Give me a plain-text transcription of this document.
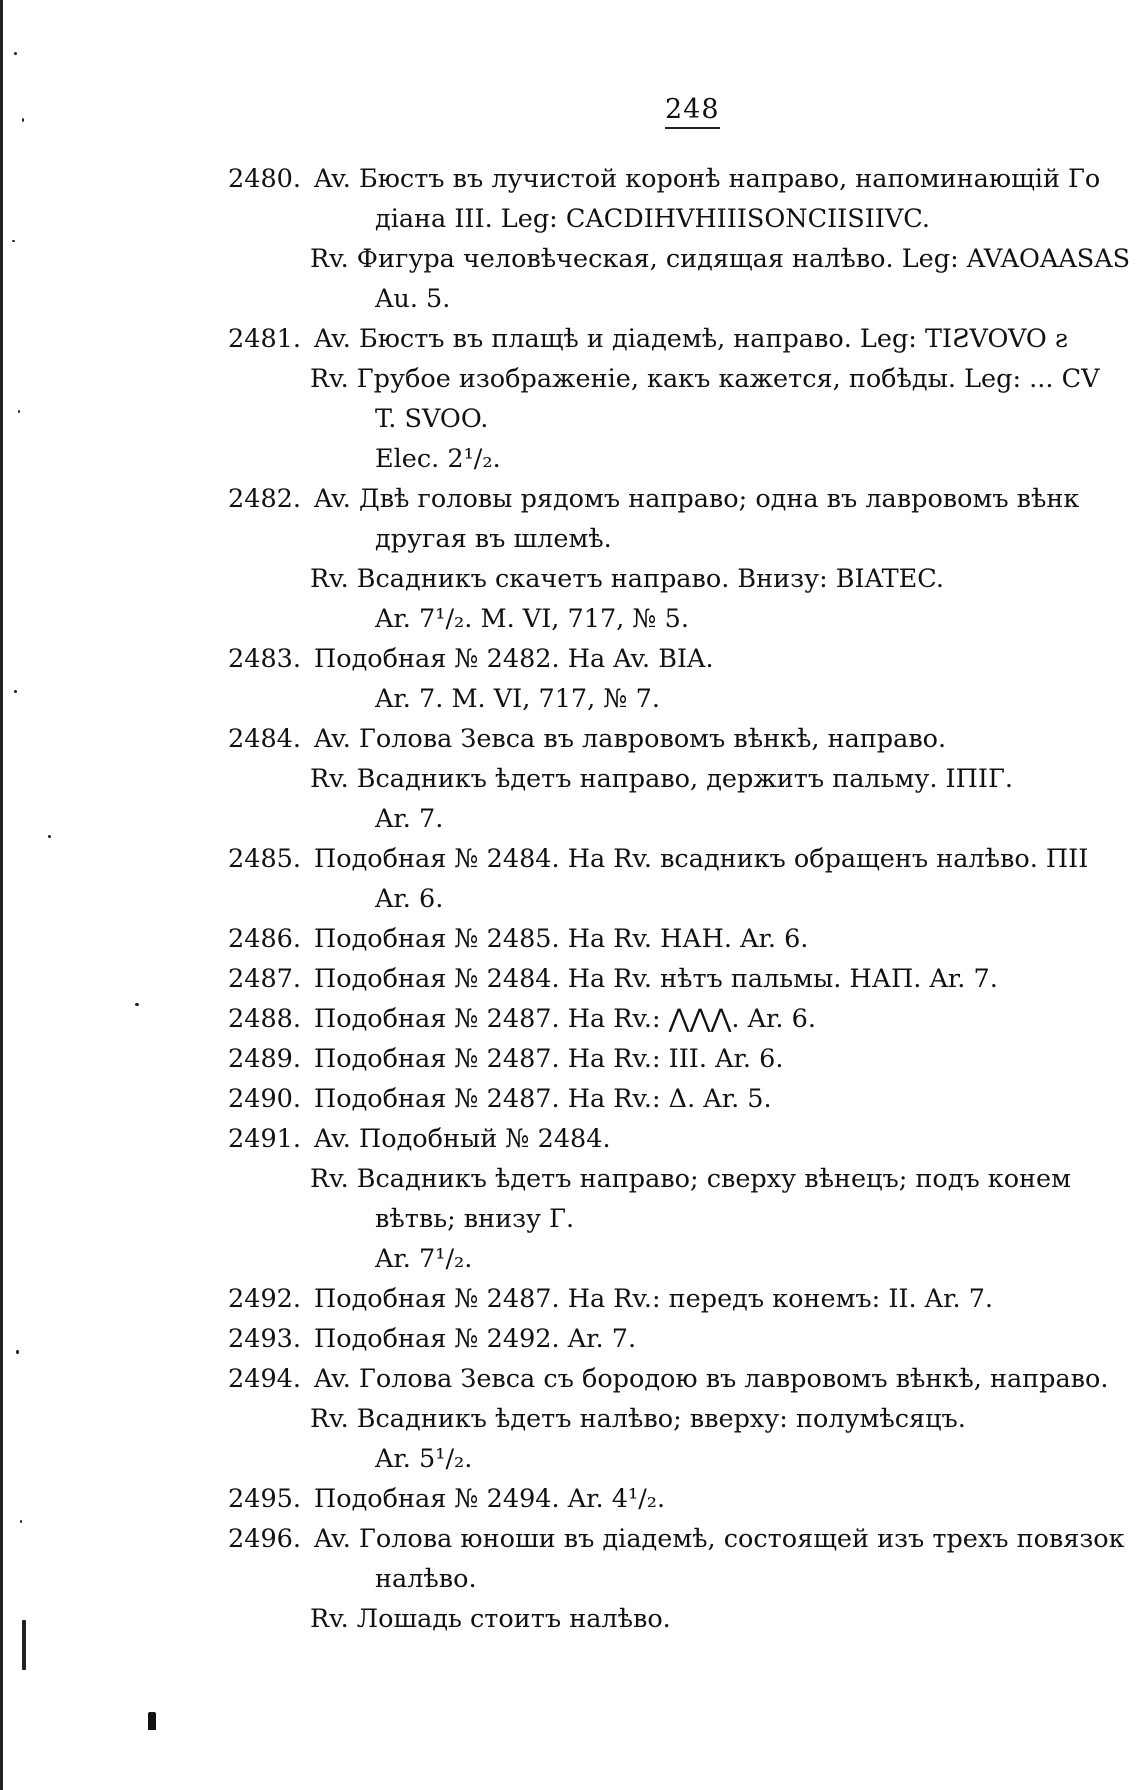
248
2480. Av. Бюстъ въ лучистой коронѣ направо, напоминающій Го
діана III. Leg: CACDIHVHIIISONCIISIIVC.
Rv. Фигура человѣческая, сидящая налѣво. Leg: AVAOAASAS
Au. 5.
2481. Av. Бюстъ въ плащѣ и діадемѣ, направо. Leg: TIƧVOVO ƨ
Rv. Грубое изображеніе, какъ кажется, побѣды. Leg: ... CV
T. SVOO.
Elec. 2¹/₂.
2482. Av. Двѣ головы рядомъ направо; одна въ лавровомъ вѣнк
другая въ шлемѣ.
Rv. Всадникъ скачетъ направо. Внизу: BIATEC.
Ar. 7¹/₂. M. VI, 717, № 5.
2483. Подобная № 2482. На Av. BIA.
Ar. 7. M. VI, 717, № 7.
2484. Av. Голова Зевса въ лавровомъ вѣнкѣ, направо.
Rv. Всадникъ ѣдетъ направо, держитъ пальму. IПIГ.
Ar. 7.
2485. Подобная № 2484. На Rv. всадникъ обращенъ налѣво. ПII
Ar. 6.
2486. Подобная № 2485. На Rv. НАН. Ar. 6.
2487. Подобная № 2484. На Rv. нѣтъ пальмы. НАП. Ar. 7.
2488. Подобная № 2487. На Rv.: ⋀⋀⋀. Ar. 6.
2489. Подобная № 2487. На Rv.: III. Ar. 6.
2490. Подобная № 2487. На Rv.: Δ. Ar. 5.
2491. Av. Подобный № 2484.
Rv. Всадникъ ѣдетъ направо; сверху вѣнецъ; подъ конем
вѣтвь; внизу Г.
Ar. 7¹/₂.
2492. Подобная № 2487. На Rv.: передъ конемъ: II. Ar. 7.
2493. Подобная № 2492. Ar. 7.
2494. Av. Голова Зевса съ бородою въ лавровомъ вѣнкѣ, направо.
Rv. Всадникъ ѣдетъ налѣво; вверху: полумѣсяцъ.
Ar. 5¹/₂.
2495. Подобная № 2494. Ar. 4¹/₂.
2496. Av. Голова юноши въ діадемѣ, состоящей изъ трехъ повязок
налѣво.
Rv. Лошадь стоитъ налѣво.
